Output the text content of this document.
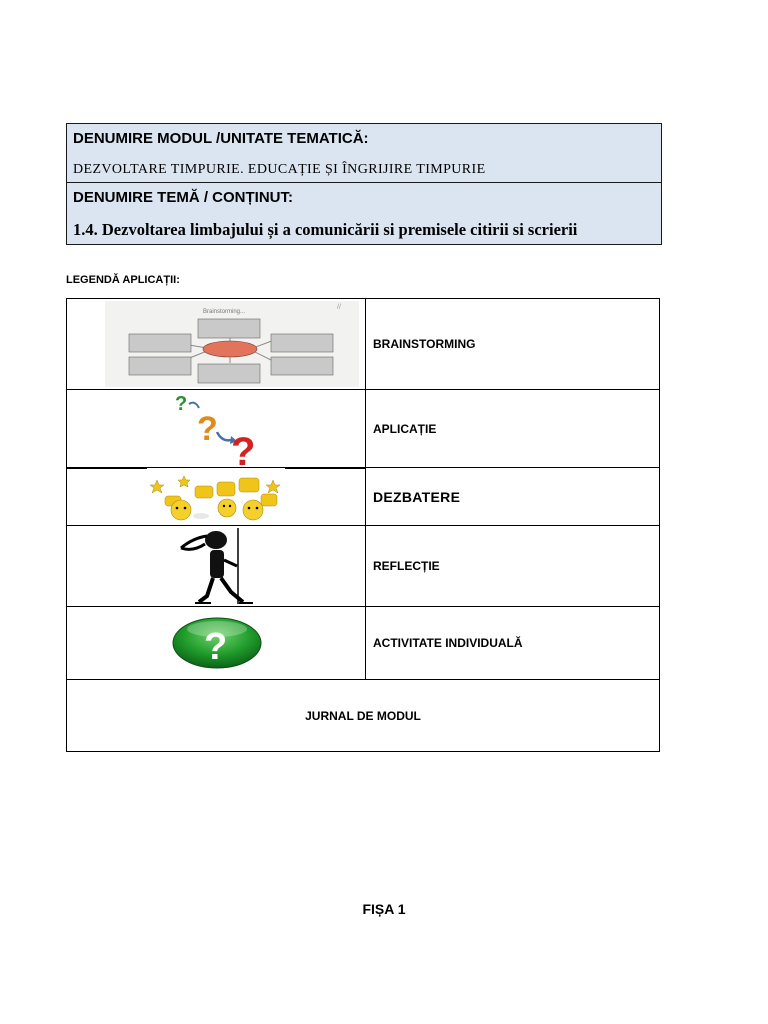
DENUMIRE MODUL /UNITATE TEMATICĂ:
DEZVOLTARE TIMPURIE. EDUCAȚIE ȘI ÎNGRIJIRE TIMPURIE
DENUMIRE TEMĂ / CONȚINUT:
1.4. Dezvoltarea limbajului și a comunicării si premisele citirii si scrierii
LEGENDĂ APLICAȚII:
Brainstorming...
//
BRAINSTORMING
?
?
?
APLICAȚIE
DEZBATERE
REFLECȚIE
?	ACTIVITATE INDIVIDUALĂ
JURNAL DE MODUL
FIȘA 1
